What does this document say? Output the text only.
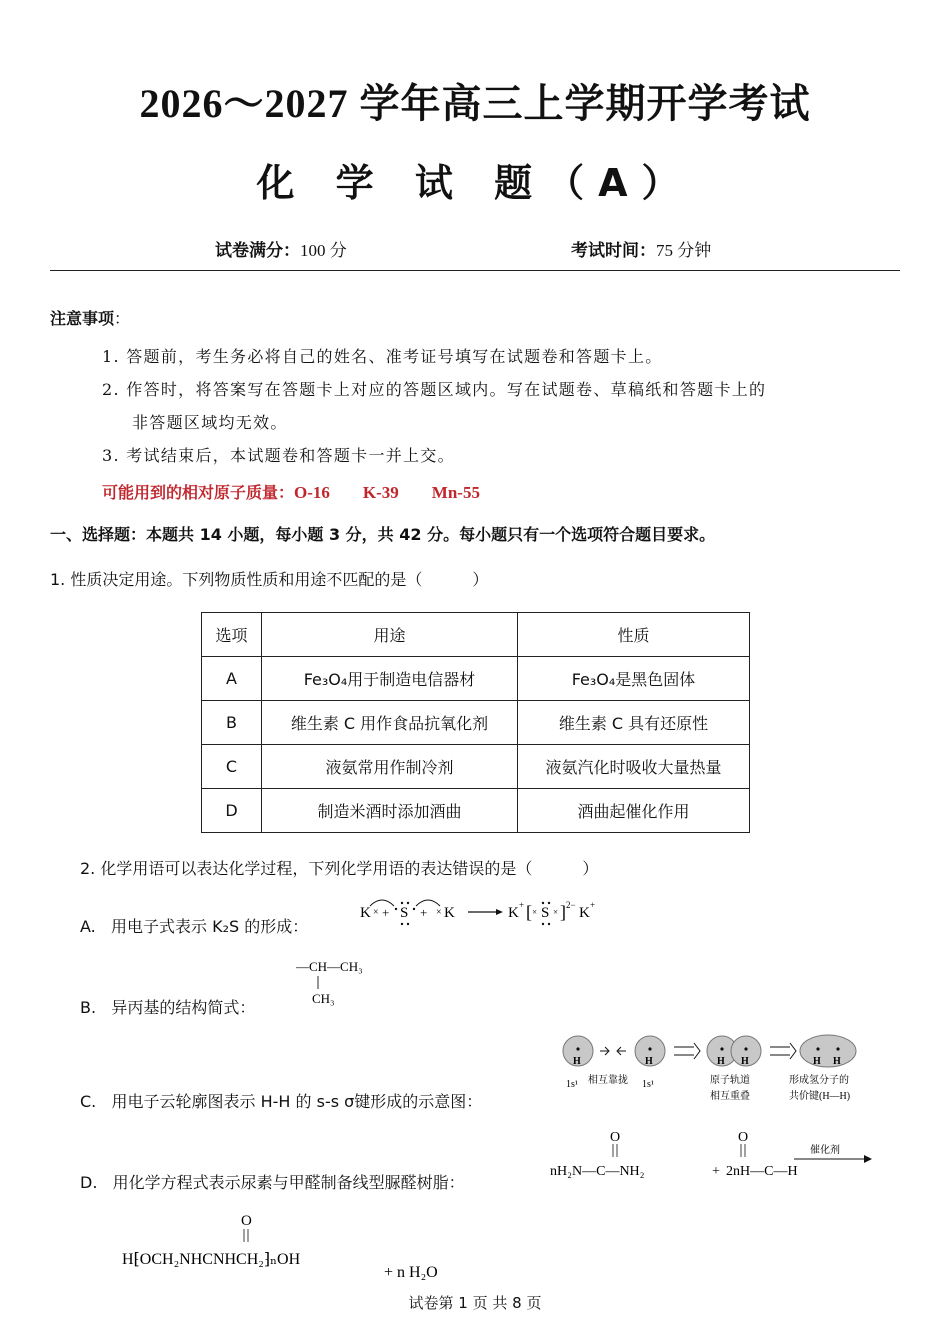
2026～2027 学年高三上学期开学考试
化 学 试 题（A）
试卷满分：100 分	考试时间：75 分钟
注意事项：
1. 答题前，考生务必将自己的姓名、准考证号填写在试题卷和答题卡上。
2. 作答时，将答案写在答题卡上对应的答题区域内。写在试题卷、草稿纸和答题卡上的
非答题区域均无效。
3. 考试结束后，本试题卷和答题卡一并上交。
可能用到的相对原子质量：O-16    K-39    Mn-55
一、选择题：本题共 14 小题，每小题 3 分，共 42 分。每小题只有一个选项符合题目要求。
1. 性质决定用途。下列物质性质和用途不匹配的是（	）
选项	用途	性质
A	Fe₃O₄用于制造电信器材	Fe₃O₄是黑色固体
B	维生素 C 用作食品抗氧化剂	维生素 C 具有还原性
C	液氨常用作制冷剂	液氨汽化时吸收大量热量
D	制造米酒时添加酒曲	酒曲起催化作用
2. 化学用语可以表达化学过程，下列化学用语的表达错误的是（	）
A. 用电子式表示 K₂S 的形成：
K × + S + × K	K + [ × S × ] 2− K +
—CH—CH₃
CH₃
B. 异丙基的结构简式：
H	H	H H	H H
1s¹ 相互靠拢 1s¹	原子轨道
相互重叠
形成氢分子的
共价键(H—H)
C. 用电子云轮廓图表示 H-H 的 s-s σ键形成的示意图：
O
nH₂N—C—NH₂	+
O
2nH—C—H
催化剂
D. 用化学方程式表示尿素与甲醛制备线型脲醛树脂：
O
H⁅OCH₂NHCNHCH₂⁆ₙOH
+ n H₂O
试卷第 1 页 共 8 页
